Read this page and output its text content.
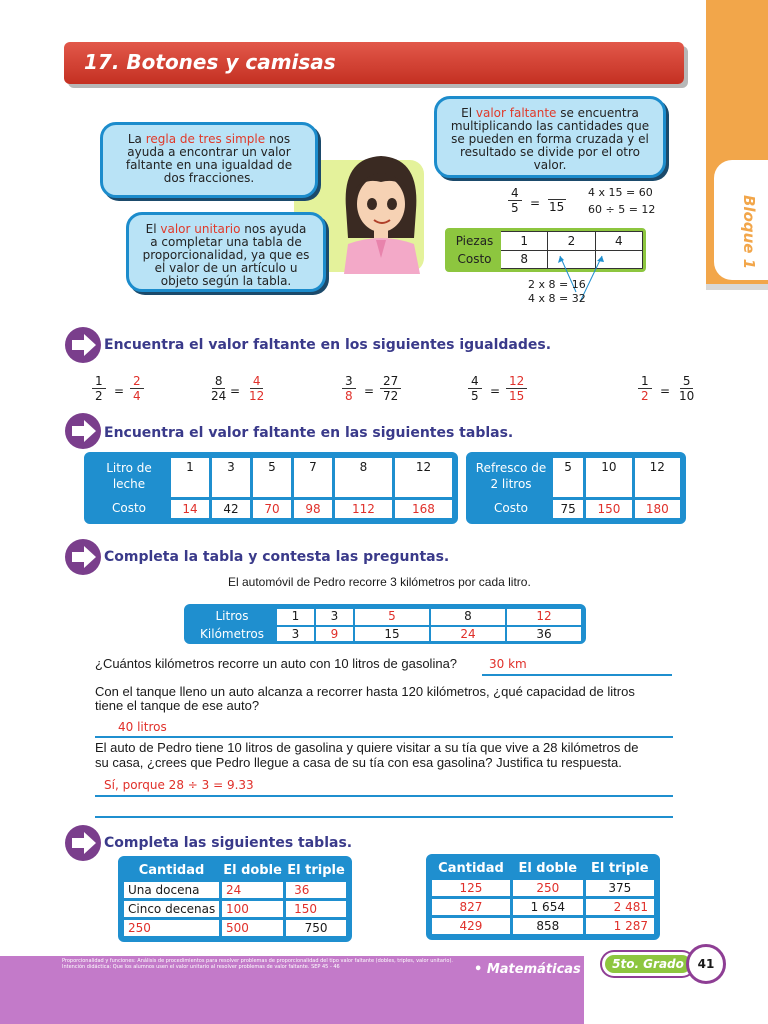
Bloque 1
17. Botones y camisas
La regla de tres simple nos ayuda a encontrar un valor faltante en una igualdad de dos fracciones.
El valor unitario nos ayuda a completar una tabla de proporcionalidad, ya que es el valor de un artículo u objeto según la tabla.
El valor faltante se encuentra multiplicando las cantidades que se pueden en forma cruzada y el resultado se divide por el otro valor.
$\frac{4}{5} = 15$
4 x 15 = 60
60 ÷ 5 = 12
Piezas	1	2	4
Costo	8		
2 x 8 = 16
4 x 8 = 32
Encuentra el valor faltante en los siguientes igualdades.
$\frac{1}{2} = \frac{2}{4}$	$\frac{8}{24} = \frac{4}{12}$	$\frac{3}{8} = \frac{27}{72}$	$\frac{4}{5} = \frac{12}{15}$	$\frac{1}{2} = \frac{5}{10}$
Encuentra el valor faltante en las siguientes tablas.
Litro de
leche	1	3	5	7	8	12
Costo	14	42	70	98	112	168
Refresco de
2 litros	5	10	12
Costo	75	150	180
Completa la tabla y contesta las preguntas.
El automóvil de Pedro recorre 3 kilómetros por cada litro.
Litros	1	3	5	8	12
Kilómetros	3	9	15	24	36
¿Cuántos kilómetros recorre un auto con 10 litros de gasolina?	30 km
Con el tanque lleno un auto alcanza a recorrer hasta 120 kilómetros, ¿qué capacidad de litros
tiene el tanque de ese auto?
40 litros
El auto de Pedro tiene 10 litros de gasolina y quiere visitar a su tía que vive a 28 kilómetros de
su casa, ¿crees que Pedro llegue a casa de su tía con esa gasolina? Justifica tu respuesta.
Sí, porque 28 ÷ 3 = 9.33
Completa las siguientes tablas.
Cantidad	El doble	El triple
Una docena	24	36
Cinco decenas	100	150
250	500	750
Cantidad	El doble	El triple
125	250	375
827	1 654	2 481
429	858	1 287
Proporcionalidad y funciones: Análisis de procedimientos para resolver problemas de proporcionalidad del tipo valor faltante (dobles, triples, valor unitario). Intención didáctica: Que los alumnos usen el valor unitario al resolver problemas de valor faltante. SEP 45 - 46	• Matemáticas	5to. Grado	41
